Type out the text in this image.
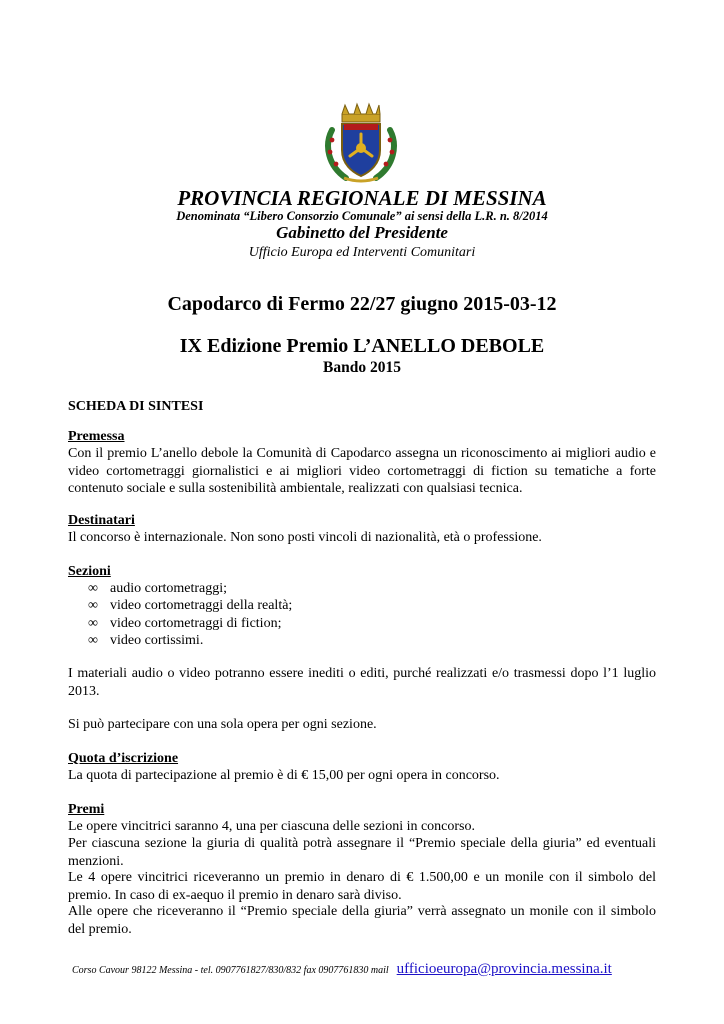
PROVINCIA REGIONALE DI MESSINA
Denominata “Libero Consorzio Comunale” ai sensi della L.R. n. 8/2014
Gabinetto del Presidente
Ufficio Europa ed Interventi Comunitari
Capodarco di Fermo 22/27 giugno 2015-03-12
IX Edizione Premio L’ANELLO DEBOLE
Bando 2015
SCHEDA DI SINTESI
Premessa
Con il premio L’anello debole la Comunità di Capodarco assegna un riconoscimento ai migliori audio e video cortometraggi giornalistici e ai migliori video cortometraggi di fiction su tematiche a forte contenuto sociale e sulla sostenibilità ambientale, realizzati con qualsiasi tecnica.
Destinatari
Il concorso è internazionale. Non sono posti vincoli di nazionalità, età o professione.
Sezioni
∞ audio cortometraggi;
∞ video cortometraggi della realtà;
∞ video cortometraggi di fiction;
∞ video cortissimi.
I materiali audio o video potranno essere inediti o editi, purché realizzati e/o trasmessi dopo l’1 luglio 2013.
Si può partecipare con una sola opera per ogni sezione.
Quota d’iscrizione
La quota di partecipazione al premio è di € 15,00 per ogni opera in concorso.
Premi
Le opere vincitrici saranno 4, una per ciascuna delle sezioni in concorso.
Per ciascuna sezione la giuria di qualità potrà assegnare il “Premio speciale della giuria” ed eventuali menzioni.
Le 4 opere vincitrici riceveranno un premio in denaro di € 1.500,00 e un monile con il simbolo del premio. In caso di ex-aequo il premio in denaro sarà diviso.
Alle opere che riceveranno il “Premio speciale della giuria” verrà assegnato un monile con il simbolo del premio.
Corso Cavour 98122 Messina - tel. 0907761827/830/832 fax 0907761830 mail ufficioeuropa@provincia.messina.it
